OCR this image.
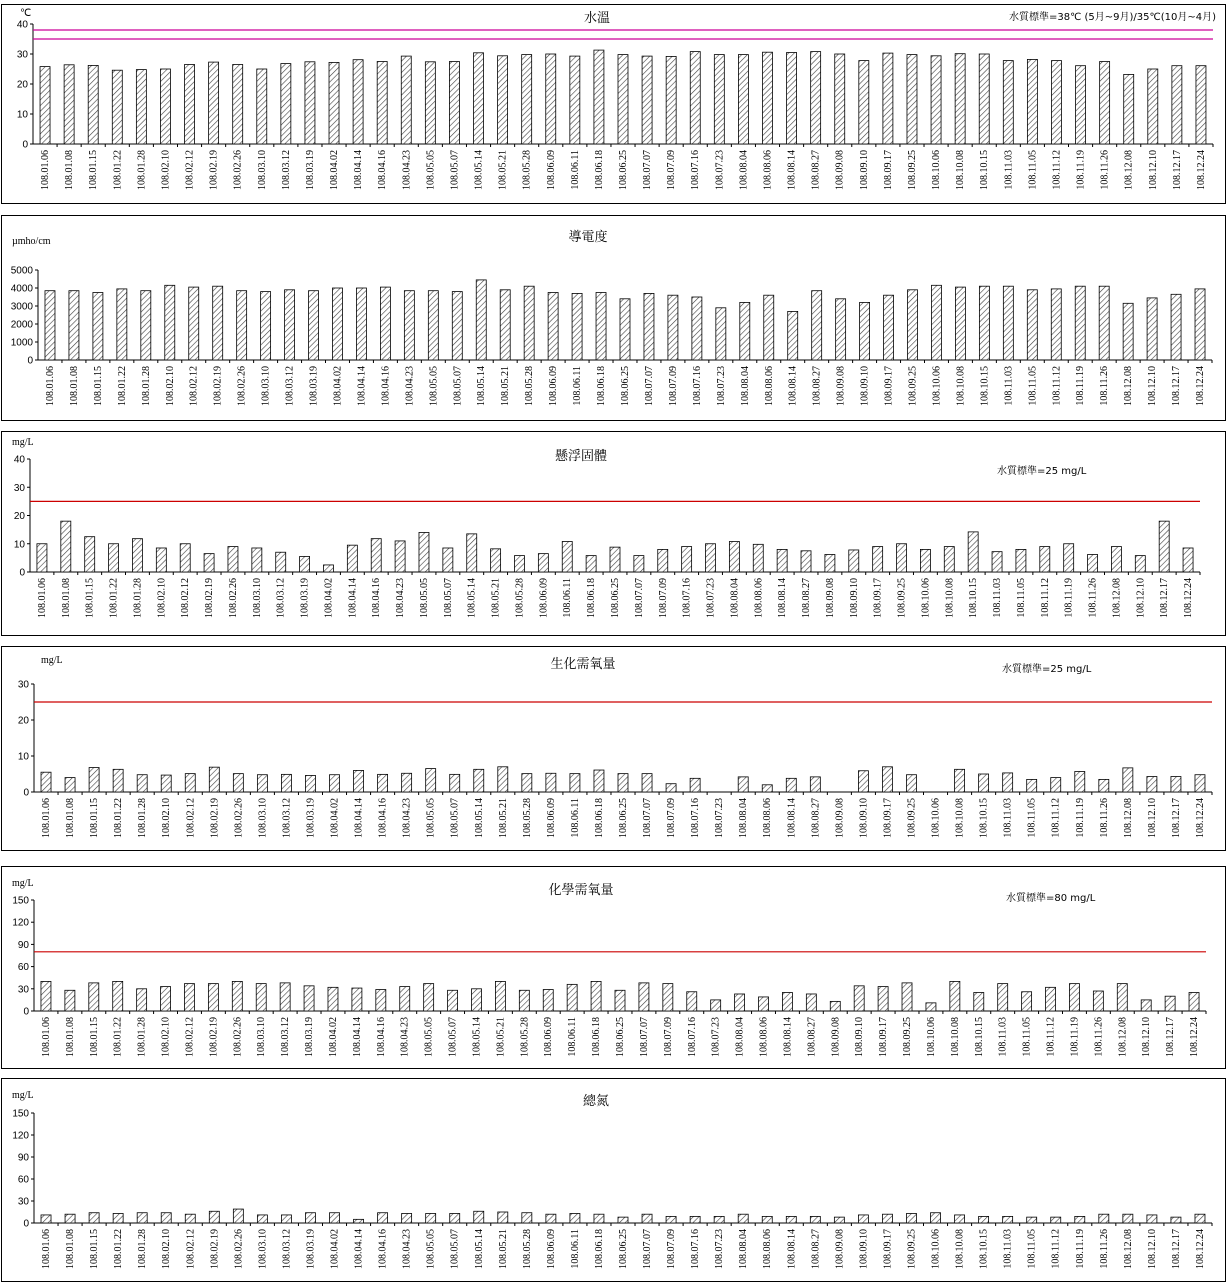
水溫
℃	水質標準=38℃ (5月~9月)/35℃(10月~4月)
0
10
20
30
40
108.01.06 108.01.08 108.01.15 108.01.22 108.01.28 108.02.10 108.02.12 108.02.19 108.02.26 108.03.10 108.03.12 108.03.19 108.04.02 108.04.14 108.04.16 108.04.23 108.05.05 108.05.07 108.05.14 108.05.21 108.05.28 108.06.09 108.06.11 108.06.18 108.06.25 108.07.07 108.07.09 108.07.16 108.07.23 108.08.04 108.08.06 108.08.14 108.08.27 108.09.08 108.09.10 108.09.17 108.09.25 108.10.06 108.10.08 108.10.15 108.11.03 108.11.05 108.11.12 108.11.19 108.11.26 108.12.08 108.12.10 108.12.17 108.12.24
導電度
µmho/cm
0
1000
2000
3000
4000
5000
108.01.06 108.01.08 108.01.15 108.01.22 108.01.28 108.02.10 108.02.12 108.02.19 108.02.26 108.03.10 108.03.12 108.03.19 108.04.02 108.04.14 108.04.16 108.04.23 108.05.05 108.05.07 108.05.14 108.05.21 108.05.28 108.06.09 108.06.11 108.06.18 108.06.25 108.07.07 108.07.09 108.07.16 108.07.23 108.08.04 108.08.06 108.08.14 108.08.27 108.09.08 108.09.10 108.09.17 108.09.25 108.10.06 108.10.08 108.10.15 108.11.03 108.11.05 108.11.12 108.11.19 108.11.26 108.12.08 108.12.10 108.12.17 108.12.24
懸浮固體
mg/L
水質標準=25 mg/L
0
10
20
30
40
108.01.06 108.01.08 108.01.15 108.01.22 108.01.28 108.02.10 108.02.12 108.02.19 108.02.26 108.03.10 108.03.12 108.03.19 108.04.02 108.04.14 108.04.16 108.04.23 108.05.05 108.05.07 108.05.14 108.05.21 108.05.28 108.06.09 108.06.11 108.06.18 108.06.25 108.07.07 108.07.09 108.07.16 108.07.23 108.08.04 108.08.06 108.08.14 108.08.27 108.09.08 108.09.10 108.09.17 108.09.25 108.10.06 108.10.08 108.10.15 108.11.03 108.11.05 108.11.12 108.11.19 108.11.26 108.12.08 108.12.10 108.12.17 108.12.24
生化需氧量
mg/L
水質標準=25 mg/L
0
10
20
30
108.01.06 108.01.08 108.01.15 108.01.22 108.01.28 108.02.10 108.02.12 108.02.19 108.02.26 108.03.10 108.03.12 108.03.19 108.04.02 108.04.14 108.04.16 108.04.23 108.05.05 108.05.07 108.05.14 108.05.21 108.05.28 108.06.09 108.06.11 108.06.18 108.06.25 108.07.07 108.07.09 108.07.16 108.07.23 108.08.04 108.08.06 108.08.14 108.08.27 108.09.08 108.09.10 108.09.17 108.09.25 108.10.06 108.10.08 108.10.15 108.11.03 108.11.05 108.11.12 108.11.19 108.11.26 108.12.08 108.12.10 108.12.17 108.12.24
化學需氧量
mg/L
水質標準=80 mg/L
0
30
60
90
120
150
108.01.06 108.01.08 108.01.15 108.01.22 108.01.28 108.02.10 108.02.12 108.02.19 108.02.26 108.03.10 108.03.12 108.03.19 108.04.02 108.04.14 108.04.16 108.04.23 108.05.05 108.05.07 108.05.14 108.05.21 108.05.28 108.06.09 108.06.11 108.06.18 108.06.25 108.07.07 108.07.09 108.07.16 108.07.23 108.08.04 108.08.06 108.08.14 108.08.27 108.09.08 108.09.10 108.09.17 108.09.25 108.10.06 108.10.08 108.10.15 108.11.03 108.11.05 108.11.12 108.11.19 108.11.26 108.12.08 108.12.10 108.12.17 108.12.24
總氮
mg/L
0
30
60
90
120
150
108.01.06 108.01.08 108.01.15 108.01.22 108.01.28 108.02.10 108.02.12 108.02.19 108.02.26 108.03.10 108.03.12 108.03.19 108.04.02 108.04.14 108.04.16 108.04.23 108.05.05 108.05.07 108.05.14 108.05.21 108.05.28 108.06.09 108.06.11 108.06.18 108.06.25 108.07.07 108.07.09 108.07.16 108.07.23 108.08.04 108.08.06 108.08.14 108.08.27 108.09.08 108.09.10 108.09.17 108.09.25 108.10.06 108.10.08 108.10.15 108.11.03 108.11.05 108.11.12 108.11.19 108.11.26 108.12.08 108.12.10 108.12.17 108.12.24
